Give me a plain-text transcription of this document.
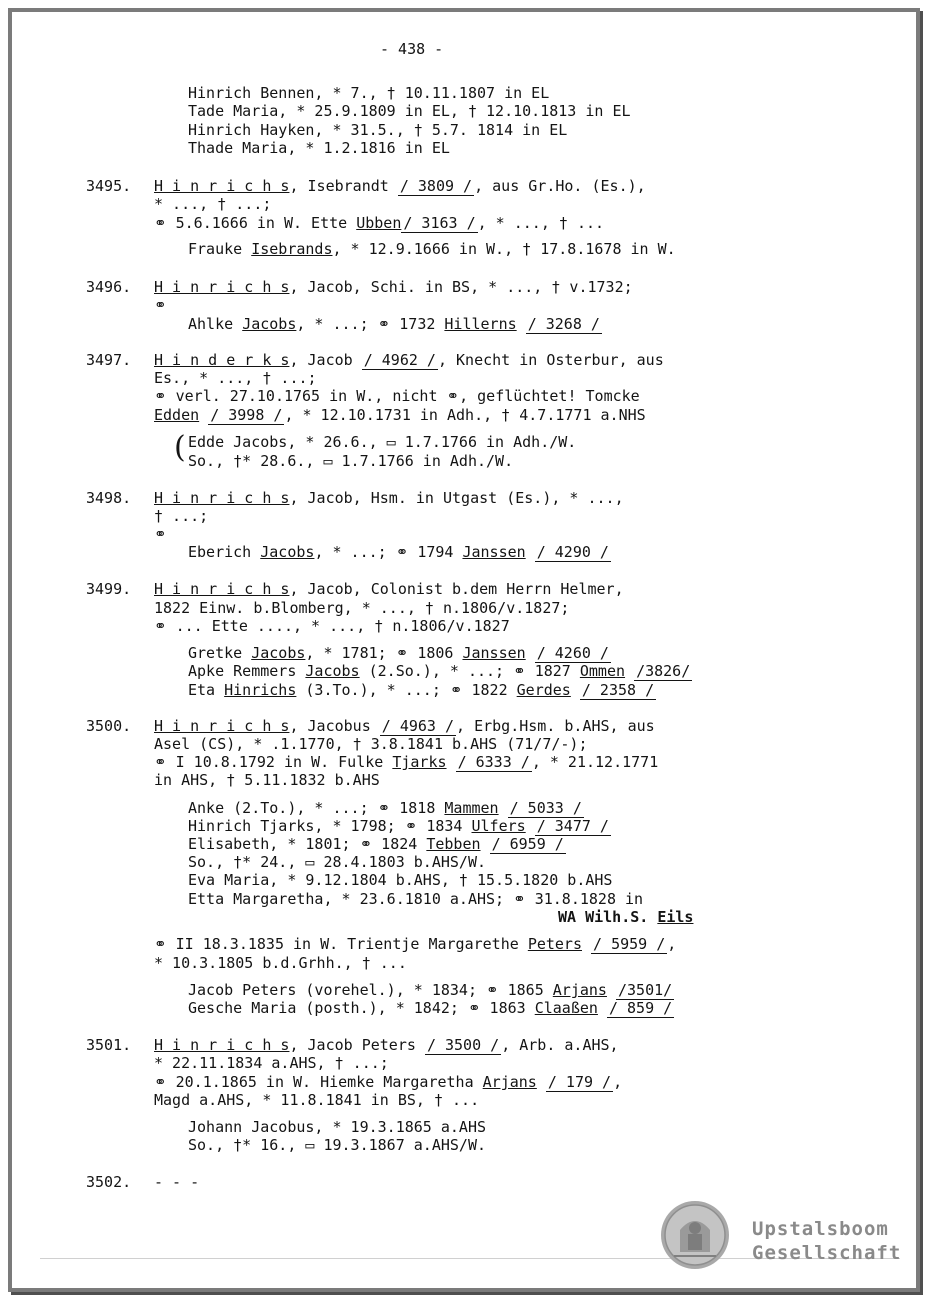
- 438 -
Hinrich Bennen, * 7., † 10.11.1807 in EL
Tade Maria, * 25.9.1809 in EL, † 12.10.1813 in EL
Hinrich Hayken, * 31.5., † 5.7. 1814 in EL
Thade Maria, * 1.2.1816 in EL
3495. H i n r i c h s, Isebrandt / 3809 / , aus Gr.Ho. (Es.),
* ..., † ...;
⚭ 5.6.1666 in W. Ette Ubben / 3163 / , * ..., † ...
Frauke Isebrands, * 12.9.1666 in W., † 17.8.1678 in W.
3496. H i n r i c h s, Jacob, Schi. in BS, * ..., † v.1732;
⚭
Ahlke Jacobs, * ...; ⚭ 1732 Hillerns / 3268 /
3497. H i n d e r k s, Jacob / 4962 / , Knecht in Osterbur, aus
Es., * ..., † ...;
⚭ verl. 27.10.1765 in W., nicht ⚭, geflüchtet! Tomcke
Edden / 3998 / , * 12.10.1731 in Adh., † 4.7.1771 a.NHS
( Edde Jacobs, * 26.6., ▭ 1.7.1766 in Adh./W.
So., †* 28.6., ▭ 1.7.1766 in Adh./W.
3498. H i n r i c h s, Jacob, Hsm. in Utgast (Es.), * ...,
† ...;
⚭
Eberich Jacobs, * ...; ⚭ 1794 Janssen / 4290 /
3499. H i n r i c h s, Jacob, Colonist b.dem Herrn Helmer,
1822 Einw. b.Blomberg, * ..., † n.1806/v.1827;
⚭ ... Ette ...., * ..., † n.1806/v.1827
Gretke Jacobs, * 1781; ⚭ 1806 Janssen / 4260 /
Apke Remmers Jacobs (2.So.), * ...; ⚭ 1827 Ommen /3826/
Eta Hinrichs (3.To.), * ...; ⚭ 1822 Gerdes / 2358 /
3500. H i n r i c h s, Jacobus / 4963 / , Erbg.Hsm. b.AHS, aus
Asel (CS), * .1.1770, † 3.8.1841 b.AHS (71/7/-);
⚭ I 10.8.1792 in W. Fulke Tjarks / 6333 / , * 21.12.1771
in AHS, † 5.11.1832 b.AHS
Anke (2.To.), * ...; ⚭ 1818 Mammen / 5033 /
Hinrich Tjarks, * 1798; ⚭ 1834 Ulfers / 3477 /
Elisabeth, * 1801; ⚭ 1824 Tebben / 6959 /
So., †* 24., ▭ 28.4.1803 b.AHS/W.
Eva Maria, * 9.12.1804 b.AHS, † 15.5.1820 b.AHS
Etta Margaretha, * 23.6.1810 a.AHS; ⚭ 31.8.1828 in
WA Wilh.S. Eils
⚭ II 18.3.1835 in W. Trientje Margarethe Peters / 5959 / ,
* 10.3.1805 b.d.Grhh., † ...
Jacob Peters (vorehel.), * 1834; ⚭ 1865 Arjans /3501/
Gesche Maria (posth.), * 1842; ⚭ 1863 Claaßen / 859 /
3501. H i n r i c h s, Jacob Peters / 3500 / , Arb. a.AHS,
* 22.11.1834 a.AHS, † ...;
⚭ 20.1.1865 in W. Hiemke Margaretha Arjans / 179 / ,
Magd a.AHS, * 11.8.1841 in BS, † ...
Johann Jacobus, * 19.3.1865 a.AHS
So., †* 16., ▭ 19.3.1867 a.AHS/W.
3502. - - -
Upstalsboom
Gesellschaft
